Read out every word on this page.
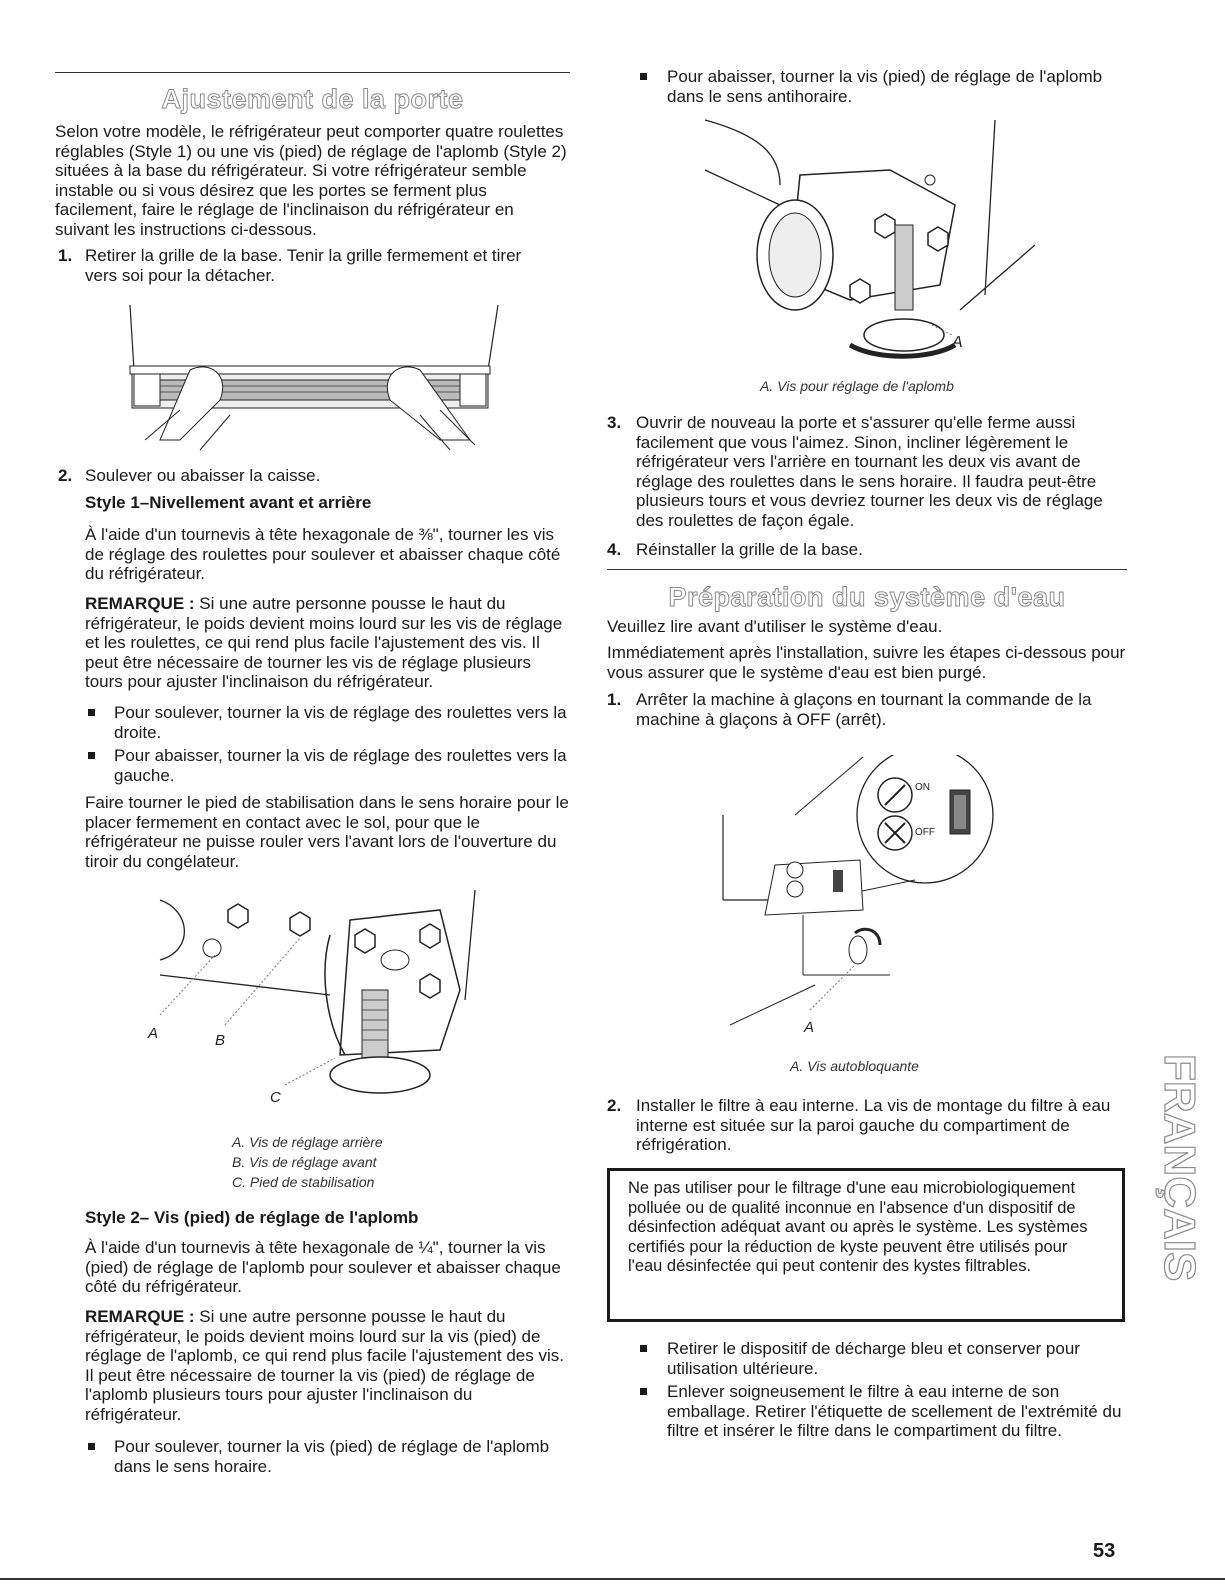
Ajustement de la porte

Selon votre modèle, le réfrigérateur peut comporter quatre roulettes réglables (Style 1) ou une vis (pied) de réglage de l'aplomb (Style 2) situées à la base du réfrigérateur. Si votre réfrigérateur semble instable ou si vous désirez que les portes se ferment plus facilement, faire le réglage de l'inclinaison du réfrigérateur en suivant les instructions ci-dessous.

1. Retirer la grille de la base. Tenir la grille fermement et tirer vers soi pour la détacher.

2. Soulever ou abaisser la caisse.

Style 1–Nivellement avant et arrière

À l'aide d'un tournevis à tête hexagonale de ⅜", tourner les vis de réglage des roulettes pour soulever et abaisser chaque côté du réfrigérateur.

REMARQUE : Si une autre personne pousse le haut du réfrigérateur, le poids devient moins lourd sur les vis de réglage et les roulettes, ce qui rend plus facile l'ajustement des vis. Il peut être nécessaire de tourner les vis de réglage plusieurs tours pour ajuster l'inclinaison du réfrigérateur.

Pour soulever, tourner la vis de réglage des roulettes vers la droite.

Pour abaisser, tourner la vis de réglage des roulettes vers la gauche.

Faire tourner le pied de stabilisation dans le sens horaire pour le placer fermement en contact avec le sol, pour que le réfrigérateur ne puisse rouler vers l'avant lors de l'ouverture du tiroir du congélateur.

A	B
C
A. Vis de réglage arrière
B. Vis de réglage avant
C. Pied de stabilisation

Style 2– Vis (pied) de réglage de l'aplomb

À l'aide d'un tournevis à tête hexagonale de ¼", tourner la vis (pied) de réglage de l'aplomb pour soulever et abaisser chaque côté du réfrigérateur.

REMARQUE : Si une autre personne pousse le haut du réfrigérateur, le poids devient moins lourd sur la vis (pied) de réglage de l'aplomb, ce qui rend plus facile l'ajustement des vis. Il peut être nécessaire de tourner la vis (pied) de réglage de l'aplomb plusieurs tours pour ajuster l'inclinaison du réfrigérateur.

Pour soulever, tourner la vis (pied) de réglage de l'aplomb dans le sens horaire.

Pour abaisser, tourner la vis (pied) de réglage de l'aplomb dans le sens antihoraire.

A
A. Vis pour réglage de l'aplomb
3. Ouvrir de nouveau la porte et s'assurer qu'elle ferme aussi facilement que vous l'aimez. Sinon, incliner légèrement le réfrigérateur vers l'arrière en tournant les deux vis avant de réglage des roulettes dans le sens horaire. Il faudra peut-être plusieurs tours et vous devriez tourner les deux vis de réglage des roulettes de façon égale.

4. Réinstaller la grille de la base.

Préparation du système d'eau

Veuillez lire avant d'utiliser le système d'eau.

Immédiatement après l'installation, suivre les étapes ci-dessous pour vous assurer que le système d'eau est bien purgé.

1. Arrêter la machine à glaçons en tournant la commande de la machine à glaçons à OFF (arrêt).

ON
OFF
A
A. Vis autobloquante
2. Installer le filtre à eau interne. La vis de montage du filtre à eau interne est située sur la paroi gauche du compartiment de réfrigération.

Ne pas utiliser pour le filtrage d'une eau microbiologiquement polluée ou de qualité inconnue en l'absence d'un dispositif de désinfection adéquat avant ou après le système. Les systèmes certifiés pour la réduction de kyste peuvent être utilisés pour l'eau désinfectée qui peut contenir des kystes filtrables.

Retirer le dispositif de décharge bleu et conserver pour utilisation ultérieure.

Enlever soigneusement le filtre à eau interne de son emballage. Retirer l'étiquette de scellement de l'extrémité du filtre et insérer le filtre dans le compartiment du filtre.

FRANÇAIS
53
